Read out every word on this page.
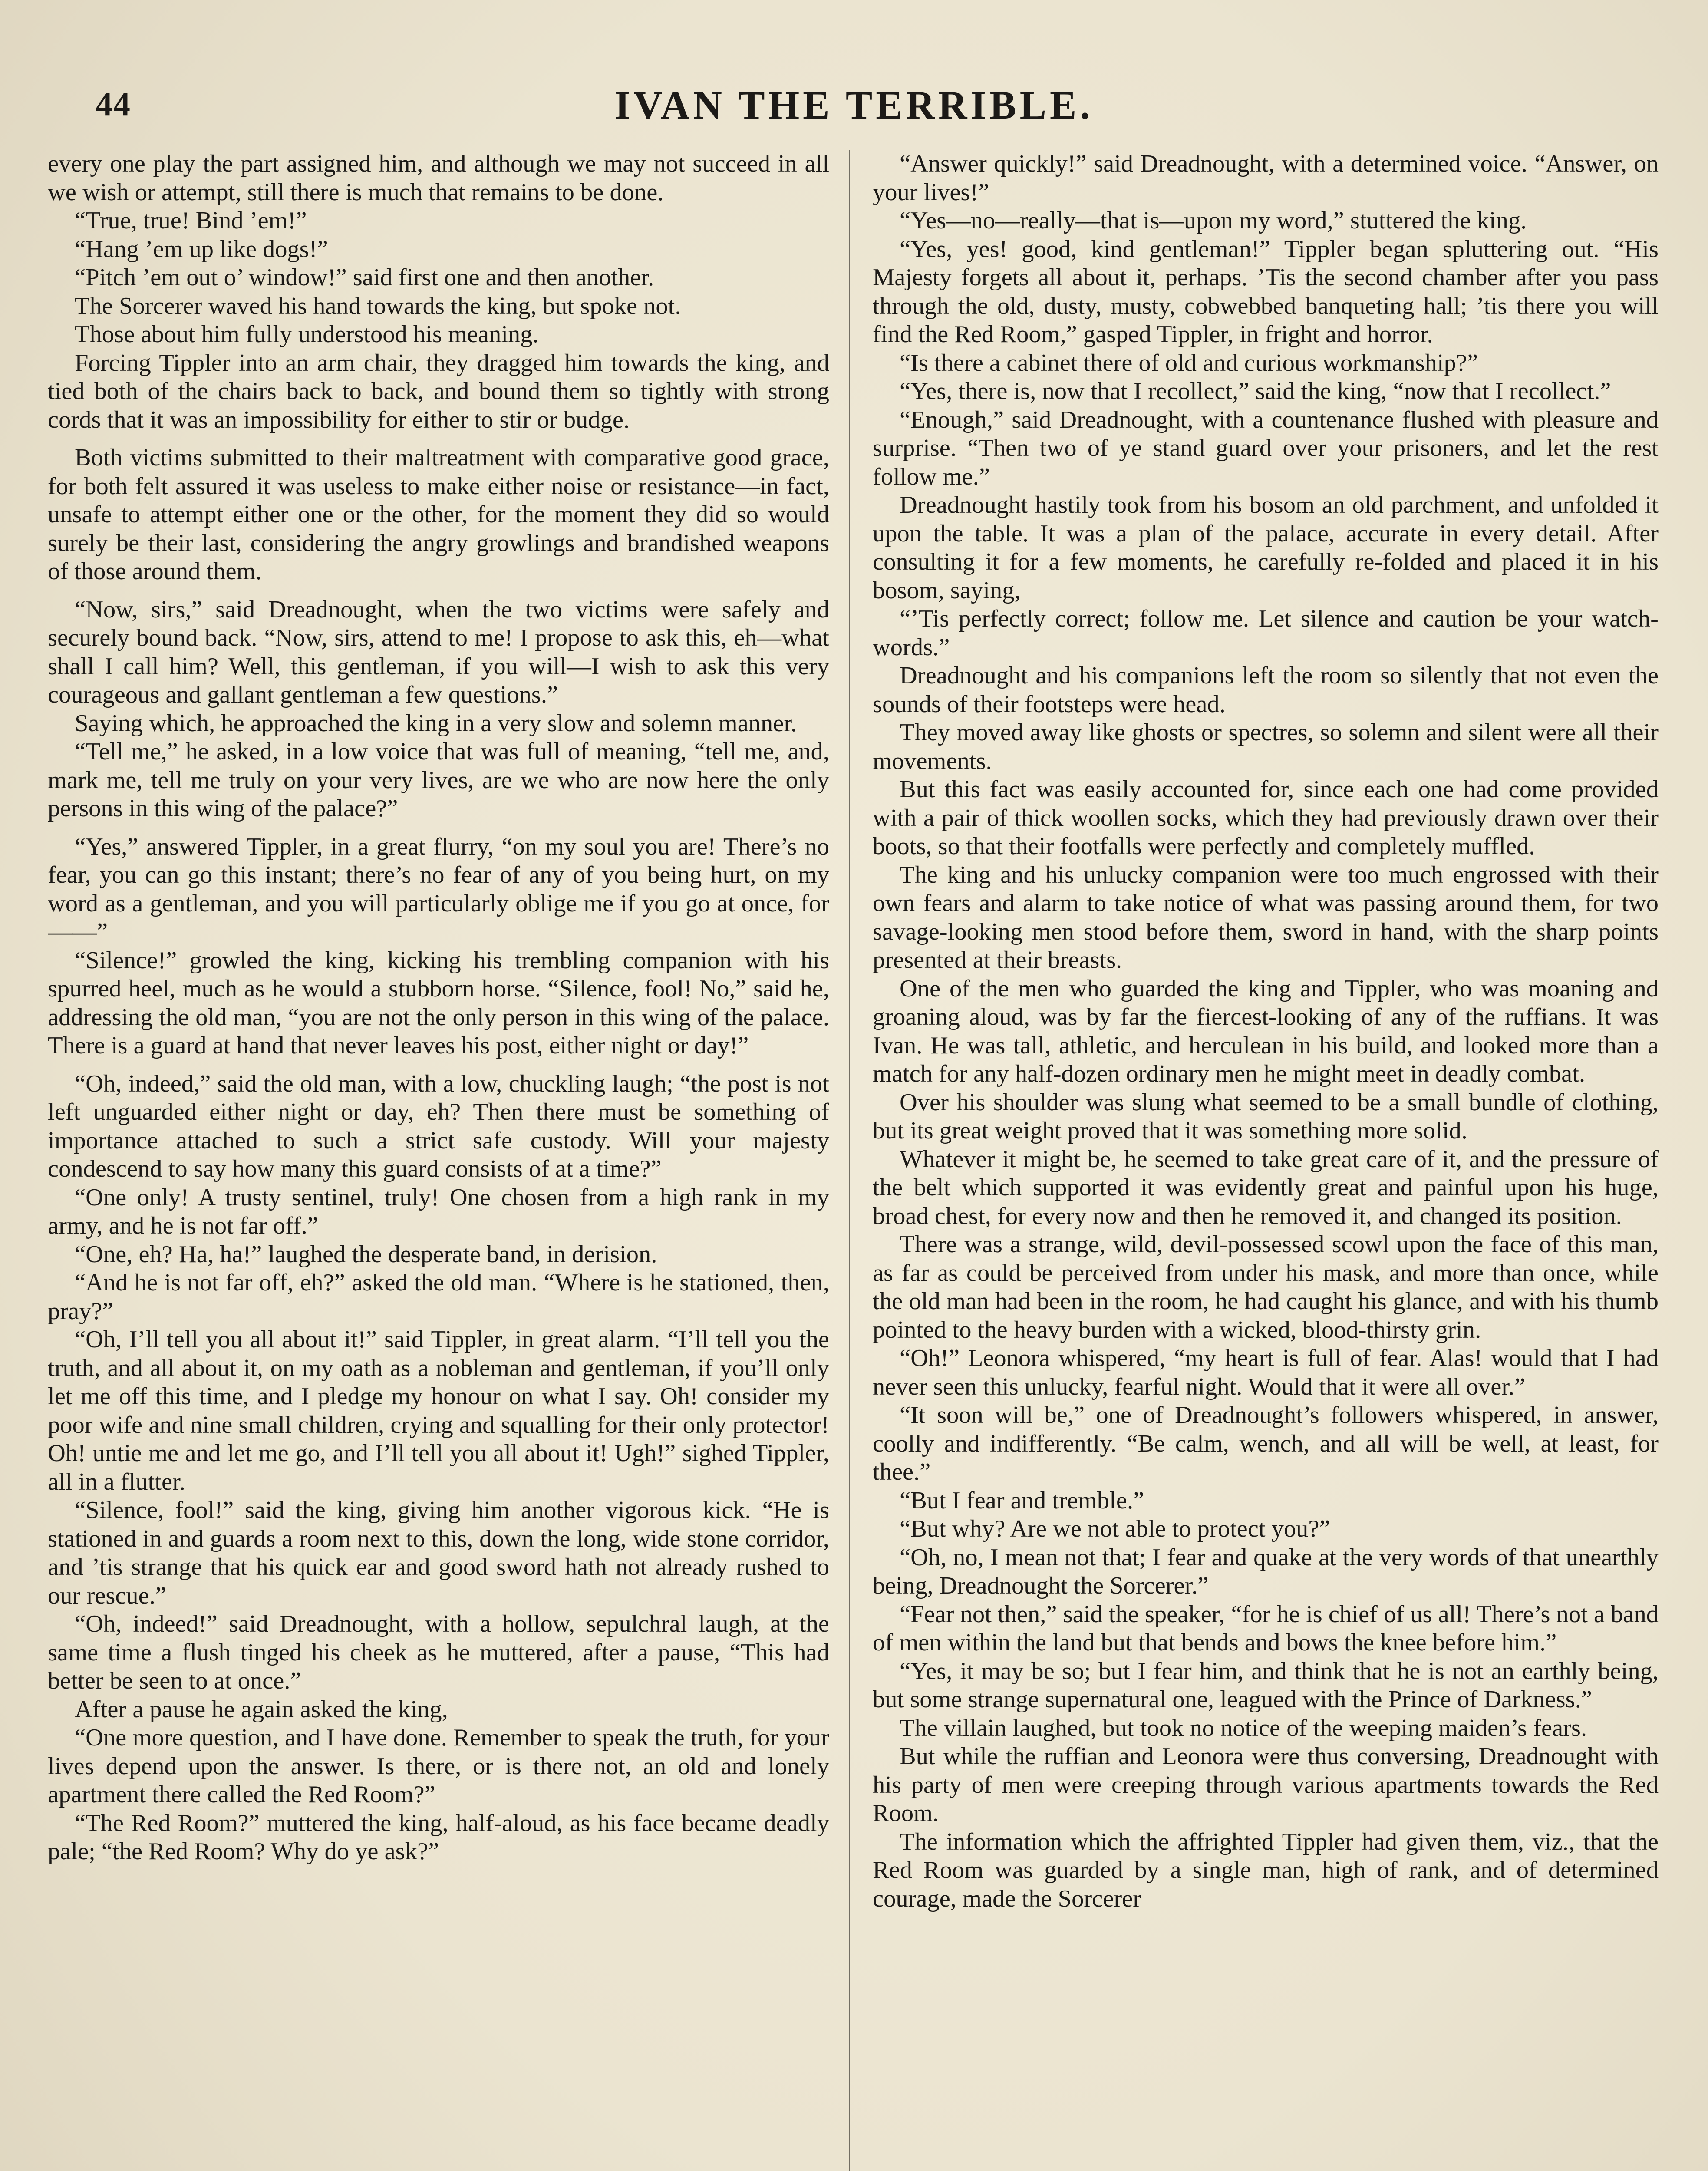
44	IVAN THE TERRIBLE.

every one play the part assigned him, and although we may not succeed in all we wish or attempt, still there is much that remains to be done.

“True, true! Bind ’em!”

“Hang ’em up like dogs!”

“Pitch ’em out o’ window!” said first one and then another.

The Sorcerer waved his hand towards the king, but spoke not.

Those about him fully understood his meaning.

Forcing Tippler into an arm chair, they dragged him towards the king, and tied both of the chairs back to back, and bound them so tightly with strong cords that it was an impossibility for either to stir or budge.

Both victims submitted to their maltreatment with comparative good grace, for both felt assured it was useless to make either noise or resistance—in fact, unsafe to attempt either one or the other, for the moment they did so would surely be their last, considering the angry growlings and brandished weapons of those around them.

“Now, sirs,” said Dreadnought, when the two victims were safely and securely bound back. “Now, sirs, attend to me! I propose to ask this, eh—what shall I call him? Well, this gentleman, if you will—I wish to ask this very courageous and gallant gentleman a few questions.”

Saying which, he approached the king in a very slow and solemn manner.

“Tell me,” he asked, in a low voice that was full of meaning, “tell me, and, mark me, tell me truly on your very lives, are we who are now here the only persons in this wing of the palace?”

“Yes,” answered Tippler, in a great flurry, “on my soul you are! There’s no fear, you can go this instant; there’s no fear of any of you being hurt, on my word as a gentleman, and you will particularly oblige me if you go at once, for——”

“Silence!” growled the king, kicking his trembling companion with his spurred heel, much as he would a stubborn horse. “Silence, fool! No,” said he, addressing the old man, “you are not the only person in this wing of the palace. There is a guard at hand that never leaves his post, either night or day!”

“Oh, indeed,” said the old man, with a low, chuckling laugh; “the post is not left unguarded either night or day, eh? Then there must be something of importance attached to such a strict safe custody. Will your majesty condescend to say how many this guard consists of at a time?”

“One only! A trusty sentinel, truly! One chosen from a high rank in my army, and he is not far off.”

“One, eh? Ha, ha!” laughed the desperate band, in derision.

“And he is not far off, eh?” asked the old man. “Where is he stationed, then, pray?”

“Oh, I’ll tell you all about it!” said Tippler, in great alarm. “I’ll tell you the truth, and all about it, on my oath as a nobleman and gentleman, if you’ll only let me off this time, and I pledge my honour on what I say. Oh! consider my poor wife and nine small children, crying and squalling for their only protector! Oh! untie me and let me go, and I’ll tell you all about it! Ugh!” sighed Tippler, all in a flutter.

“Silence, fool!” said the king, giving him another vigorous kick. “He is stationed in and guards a room next to this, down the long, wide stone corridor, and ’tis strange that his quick ear and good sword hath not already rushed to our rescue.”

“Oh, indeed!” said Dreadnought, with a hollow, sepulchral laugh, at the same time a flush tinged his cheek as he muttered, after a pause, “This had better be seen to at once.”

After a pause he again asked the king,

“One more question, and I have done. Remember to speak the truth, for your lives depend upon the answer. Is there, or is there not, an old and lonely apartment there called the Red Room?”

“The Red Room?” muttered the king, half-aloud, as his face became deadly pale; “the Red Room? Why do ye ask?”

“Answer quickly!” said Dreadnought, with a determined voice. “Answer, on your lives!”

“Yes—no—really—that is—upon my word,” stuttered the king.

“Yes, yes! good, kind gentleman!” Tippler began spluttering out. “His Majesty forgets all about it, perhaps. ’Tis the second chamber after you pass through the old, dusty, musty, cobwebbed banqueting hall; ’tis there you will find the Red Room,” gasped Tippler, in fright and horror.

“Is there a cabinet there of old and curious workmanship?”

“Yes, there is, now that I recollect,” said the king, “now that I recollect.”

“Enough,” said Dreadnought, with a countenance flushed with pleasure and surprise. “Then two of ye stand guard over your prisoners, and let the rest follow me.”

Dreadnought hastily took from his bosom an old parchment, and unfolded it upon the table. It was a plan of the palace, accurate in every detail. After consulting it for a few moments, he carefully re-folded and placed it in his bosom, saying,

“’Tis perfectly correct; follow me. Let silence and caution be your watch-words.”

Dreadnought and his companions left the room so silently that not even the sounds of their footsteps were head.

They moved away like ghosts or spectres, so solemn and silent were all their movements.

But this fact was easily accounted for, since each one had come provided with a pair of thick woollen socks, which they had previously drawn over their boots, so that their footfalls were perfectly and completely muffled.

The king and his unlucky companion were too much engrossed with their own fears and alarm to take notice of what was passing around them, for two savage-looking men stood before them, sword in hand, with the sharp points presented at their breasts.

One of the men who guarded the king and Tippler, who was moaning and groaning aloud, was by far the fiercest-looking of any of the ruffians. It was Ivan. He was tall, athletic, and herculean in his build, and looked more than a match for any half-dozen ordinary men he might meet in deadly combat.

Over his shoulder was slung what seemed to be a small bundle of clothing, but its great weight proved that it was something more solid.

Whatever it might be, he seemed to take great care of it, and the pressure of the belt which supported it was evidently great and painful upon his huge, broad chest, for every now and then he removed it, and changed its position.

There was a strange, wild, devil-possessed scowl upon the face of this man, as far as could be perceived from under his mask, and more than once, while the old man had been in the room, he had caught his glance, and with his thumb pointed to the heavy burden with a wicked, blood-thirsty grin.

“Oh!” Leonora whispered, “my heart is full of fear. Alas! would that I had never seen this unlucky, fearful night. Would that it were all over.”

“It soon will be,” one of Dreadnought’s followers whispered, in answer, coolly and indifferently. “Be calm, wench, and all will be well, at least, for thee.”

“But I fear and tremble.”

“But why? Are we not able to protect you?”

“Oh, no, I mean not that; I fear and quake at the very words of that unearthly being, Dreadnought the Sorcerer.”

“Fear not then,” said the speaker, “for he is chief of us all! There’s not a band of men within the land but that bends and bows the knee before him.”

“Yes, it may be so; but I fear him, and think that he is not an earthly being, but some strange supernatural one, leagued with the Prince of Darkness.”

The villain laughed, but took no notice of the weeping maiden’s fears.

But while the ruffian and Leonora were thus conversing, Dreadnought with his party of men were creeping through various apartments towards the Red Room.

The information which the affrighted Tippler had given them, viz., that the Red Room was guarded by a single man, high of rank, and of determined courage, made the Sorcerer
